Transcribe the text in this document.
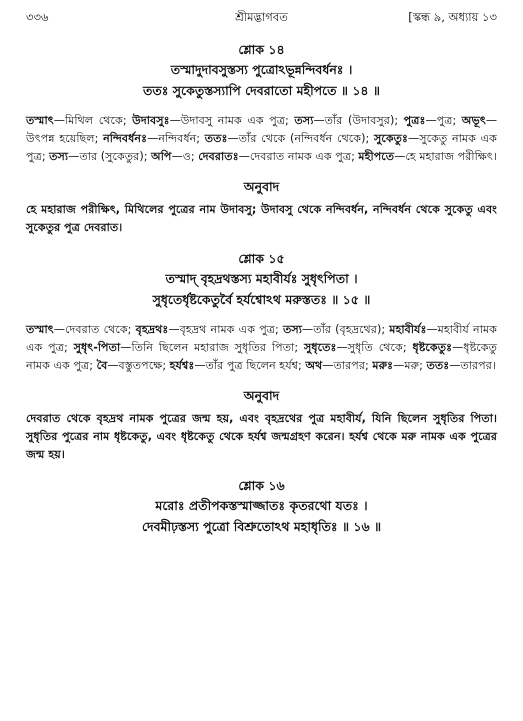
৩৩৬	শ্রীমদ্ভাগবত	[স্কন্ধ ৯, অধ্যায় ১৩
শ্লোক ১৪
তস্মাদুদাবসুস্তস্য পুত্রোঽভূন্নন্দিবর্ধনঃ ।
ততঃ সুকেতুস্তস্যাপি দেবরাতো মহীপতে ॥ ১৪ ॥
তস্মাৎ—মিথিল থেকে; উদাবসুঃ—উদাবসু নামক এক পুত্র; তস্য—তাঁর (উদাবসুর); পুত্রঃ—পুত্র; অভূৎ—উৎপন্ন হয়েছিল; নন্দিবর্ধনঃ—নন্দিবর্ধন; ততঃ—তাঁর থেকে (নন্দিবর্ধন থেকে); সুকেতুঃ—সুকেতু নামক এক পুত্র; তস্য—তার (সুকেতুর); অপি—ও; দেবরাতঃ—দেবরাত নামক এক পুত্র; মহীপতে—হে মহারাজ পরীক্ষিৎ।
অনুবাদ
হে মহারাজ পরীক্ষিৎ, মিথিলের পুত্রের নাম উদাবসু; উদাবসু থেকে নন্দিবর্ধন, নন্দিবর্ধন থেকে সুকেতু এবং সুকেতুর পুত্র দেবরাত।
শ্লোক ১৫
তস্মাদ্ বৃহদ্রথস্তস্য মহাবীর্যঃ সুধৃৎপিতা ।
সুধৃতের্ধৃষ্টকেতুর্বৈ হর্যশ্বোঽথ মরুস্ততঃ ॥ ১৫ ॥
তস্মাৎ—দেবরাত থেকে; বৃহদ্রথঃ—বৃহদ্রথ নামক এক পুত্র; তস্য—তাঁর (বৃহদ্রথের); মহাবীর্যঃ—মহাবীর্য নামক এক পুত্র; সুধৃৎ-পিতা—তিনি ছিলেন মহারাজ সুধৃতির পিতা; সুধৃতেঃ—সুধৃতি থেকে; ধৃষ্টকেতুঃ—ধৃষ্টকেতু নামক এক পুত্র; বৈ—বস্তুতপক্ষে; হর্যশ্বঃ—তাঁর পুত্র ছিলেন হর্যশ্ব; অথ—তারপর; মরুঃ—মরু; ততঃ—তারপর।
অনুবাদ
দেবরাত থেকে বৃহদ্রথ নামক পুত্রের জন্ম হয়, এবং বৃহদ্রথের পুত্র মহাবীর্য, যিনি ছিলেন সুধৃতির পিতা। সুধৃতির পুত্রের নাম ধৃষ্টকেতু, এবং ধৃষ্টকেতু থেকে হর্যশ্ব জন্মগ্রহণ করেন। হর্যশ্ব থেকে মরু নামক এক পুত্রের জন্ম হয়।
শ্লোক ১৬
মরোঃ প্রতীপকস্তস্মাজ্জাতঃ কৃতরথো যতঃ ।
দেবমীঢ়স্তস্য পুত্রো বিশ্রুতোঽথ মহাধৃতিঃ ॥ ১৬ ॥
